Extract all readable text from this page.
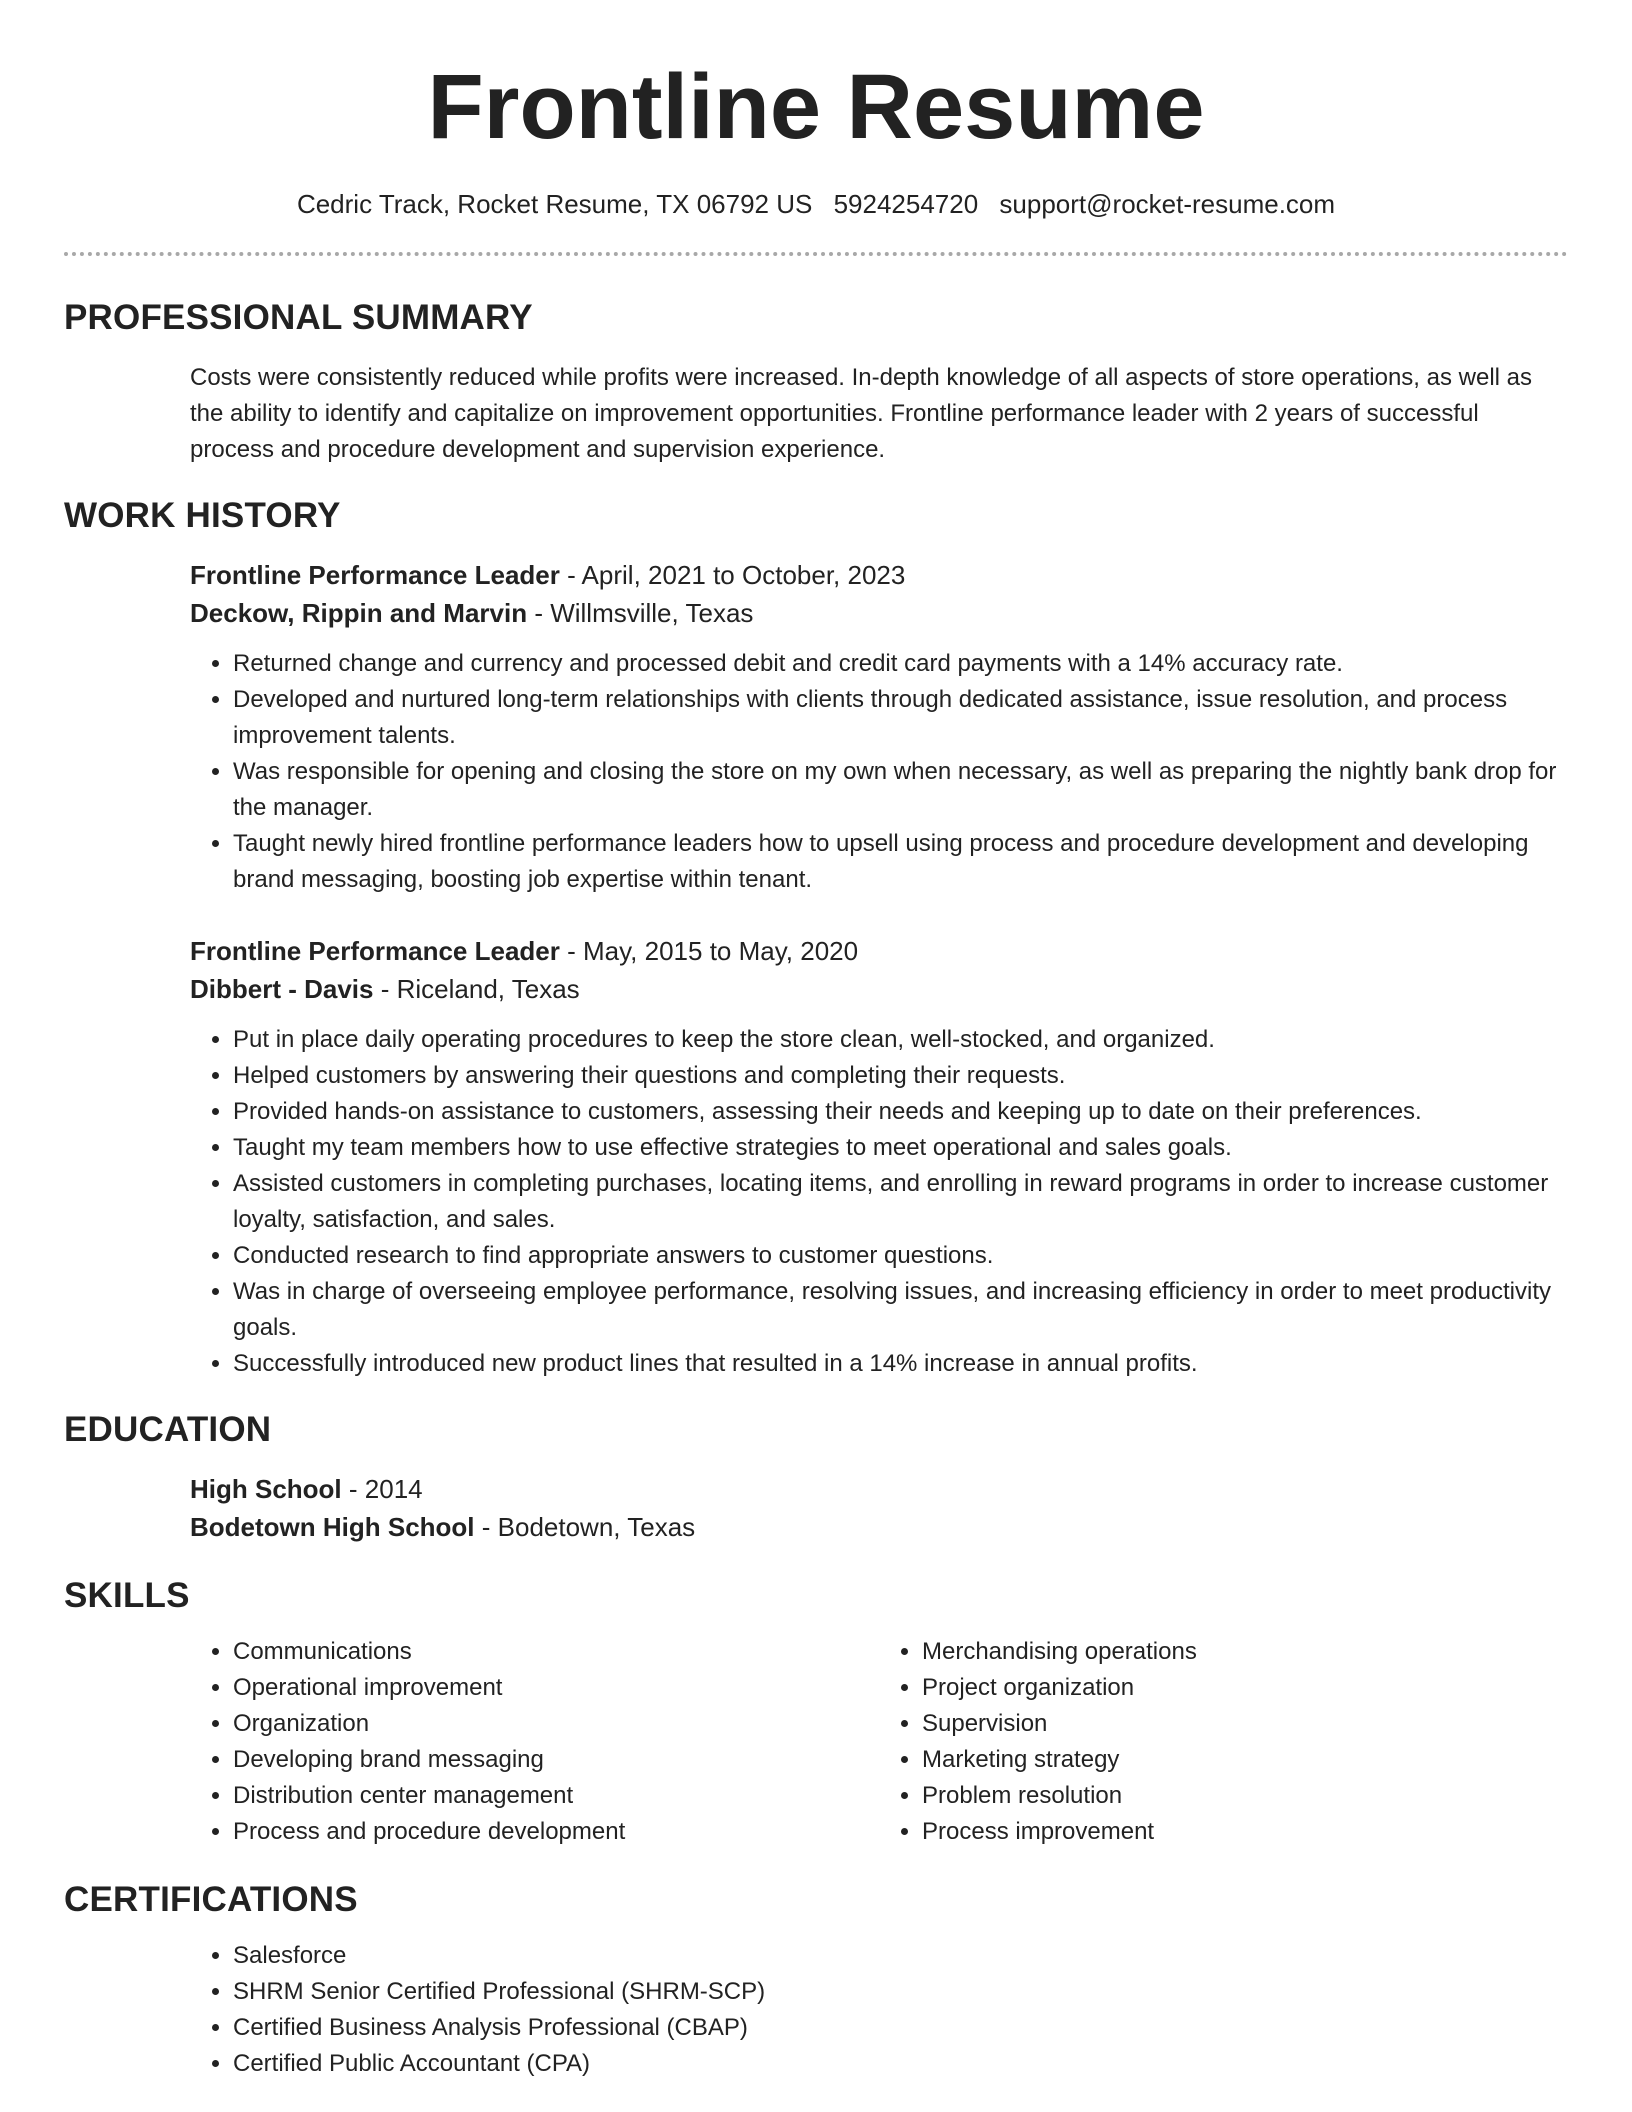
Frontline Resume
Cedric Track, Rocket Resume, TX 06792 US 5924254720 support@rocket-resume.com
PROFESSIONAL SUMMARY
Costs were consistently reduced while profits were increased. In-depth knowledge of all aspects of store operations, as well as the ability to identify and capitalize on improvement opportunities. Frontline performance leader with 2 years of successful process and procedure development and supervision experience.
WORK HISTORY
Frontline Performance Leader - April, 2021 to October, 2023
Deckow, Rippin and Marvin - Willmsville, Texas
• Returned change and currency and processed debit and credit card payments with a 14% accuracy rate.
• Developed and nurtured long-term relationships with clients through dedicated assistance, issue resolution, and process improvement talents.
• Was responsible for opening and closing the store on my own when necessary, as well as preparing the nightly bank drop for the manager.
• Taught newly hired frontline performance leaders how to upsell using process and procedure development and developing brand messaging, boosting job expertise within tenant.
Frontline Performance Leader - May, 2015 to May, 2020
Dibbert - Davis - Riceland, Texas
• Put in place daily operating procedures to keep the store clean, well-stocked, and organized.
• Helped customers by answering their questions and completing their requests.
• Provided hands-on assistance to customers, assessing their needs and keeping up to date on their preferences.
• Taught my team members how to use effective strategies to meet operational and sales goals.
• Assisted customers in completing purchases, locating items, and enrolling in reward programs in order to increase customer loyalty, satisfaction, and sales.
• Conducted research to find appropriate answers to customer questions.
• Was in charge of overseeing employee performance, resolving issues, and increasing efficiency in order to meet productivity goals.
• Successfully introduced new product lines that resulted in a 14% increase in annual profits.
EDUCATION
High School - 2014
Bodetown High School - Bodetown, Texas
SKILLS
• Communications
• Operational improvement
• Organization
• Developing brand messaging
• Distribution center management
• Process and procedure development
• Merchandising operations
• Project organization
• Supervision
• Marketing strategy
• Problem resolution
• Process improvement
CERTIFICATIONS
• Salesforce
• SHRM Senior Certified Professional (SHRM-SCP)
• Certified Business Analysis Professional (CBAP)
• Certified Public Accountant (CPA)
